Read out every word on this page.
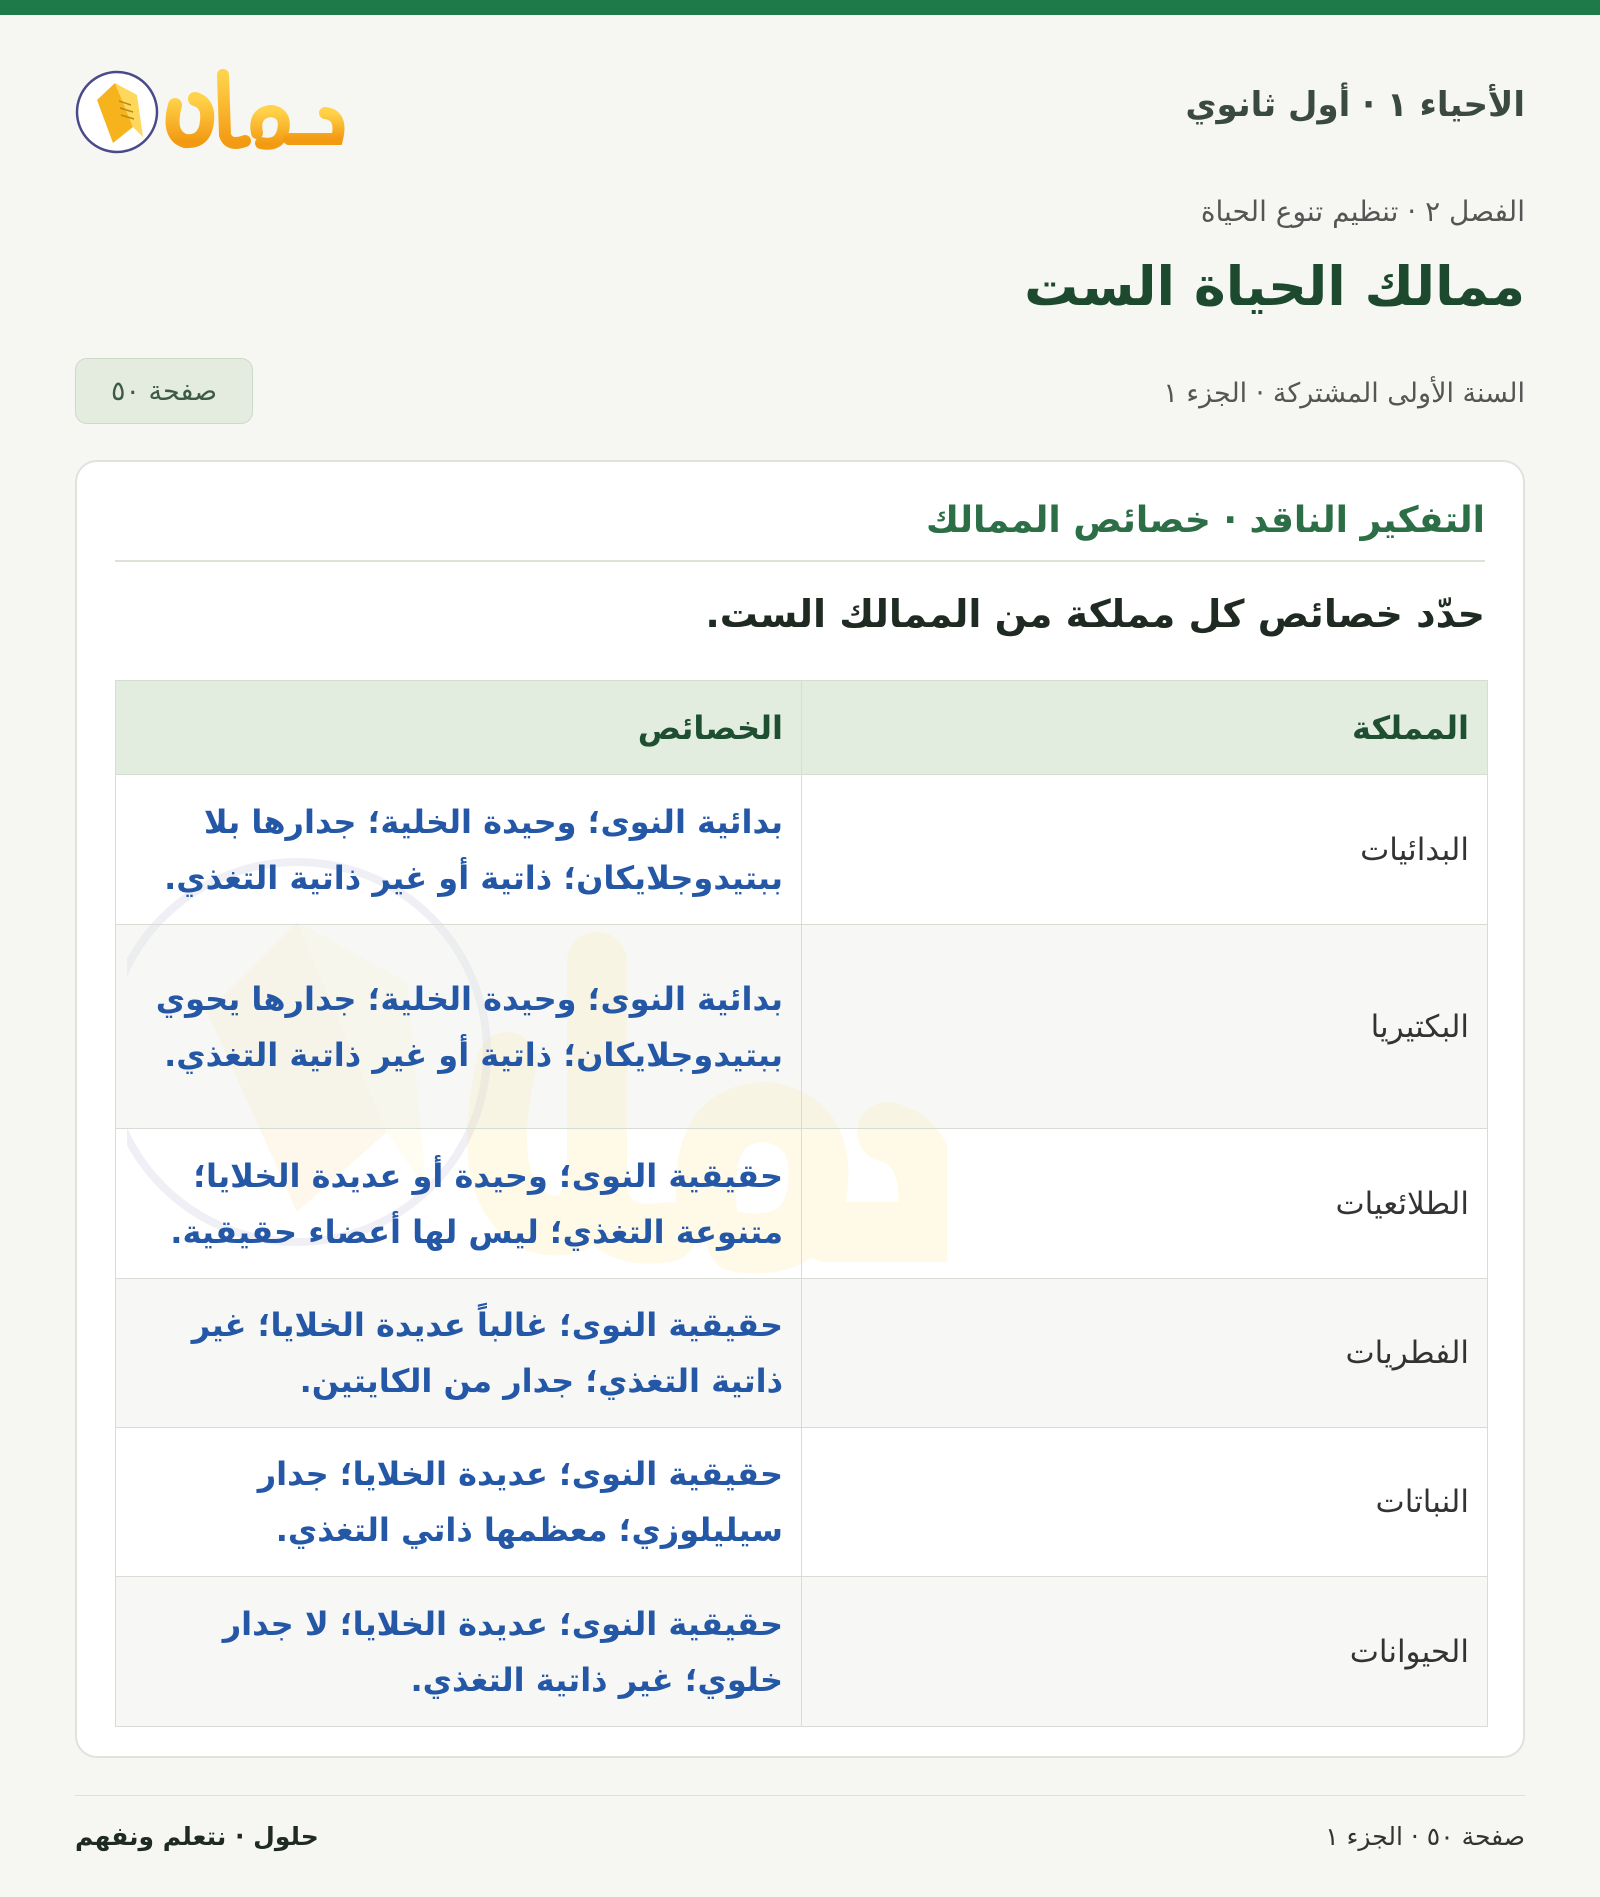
الأحياء ١ · أول ثانوي
الفصل ٢ · تنظيم تنوع الحياة
ممالك الحياة الست
السنة الأولى المشتركة · الجزء ١
صفحة ٥٠
التفكير الناقد · خصائص الممالك
حدّد خصائص كل مملكة من الممالك الست.
المملكة	الخصائص
البدائيات	بدائية النوى؛ وحيدة الخلية؛ جدارها بلا ببتيدوجلايكان؛ ذاتية أو غير ذاتية التغذي.
البكتيريا	بدائية النوى؛ وحيدة الخلية؛ جدارها يحوي ببتيدوجلايكان؛ ذاتية أو غير ذاتية التغذي.
الطلائعيات	حقيقية النوى؛ وحيدة أو عديدة الخلايا؛ متنوعة التغذي؛ ليس لها أعضاء حقيقية.
الفطريات	حقيقية النوى؛ غالباً عديدة الخلايا؛ غير ذاتية التغذي؛ جدار من الكايتين.
النباتات	حقيقية النوى؛ عديدة الخلايا؛ جدار سيليلوزي؛ معظمها ذاتي التغذي.
الحيوانات	حقيقية النوى؛ عديدة الخلايا؛ لا جدار خلوي؛ غير ذاتية التغذي.
حلول · نتعلم ونفهم	صفحة ٥٠ · الجزء ١
